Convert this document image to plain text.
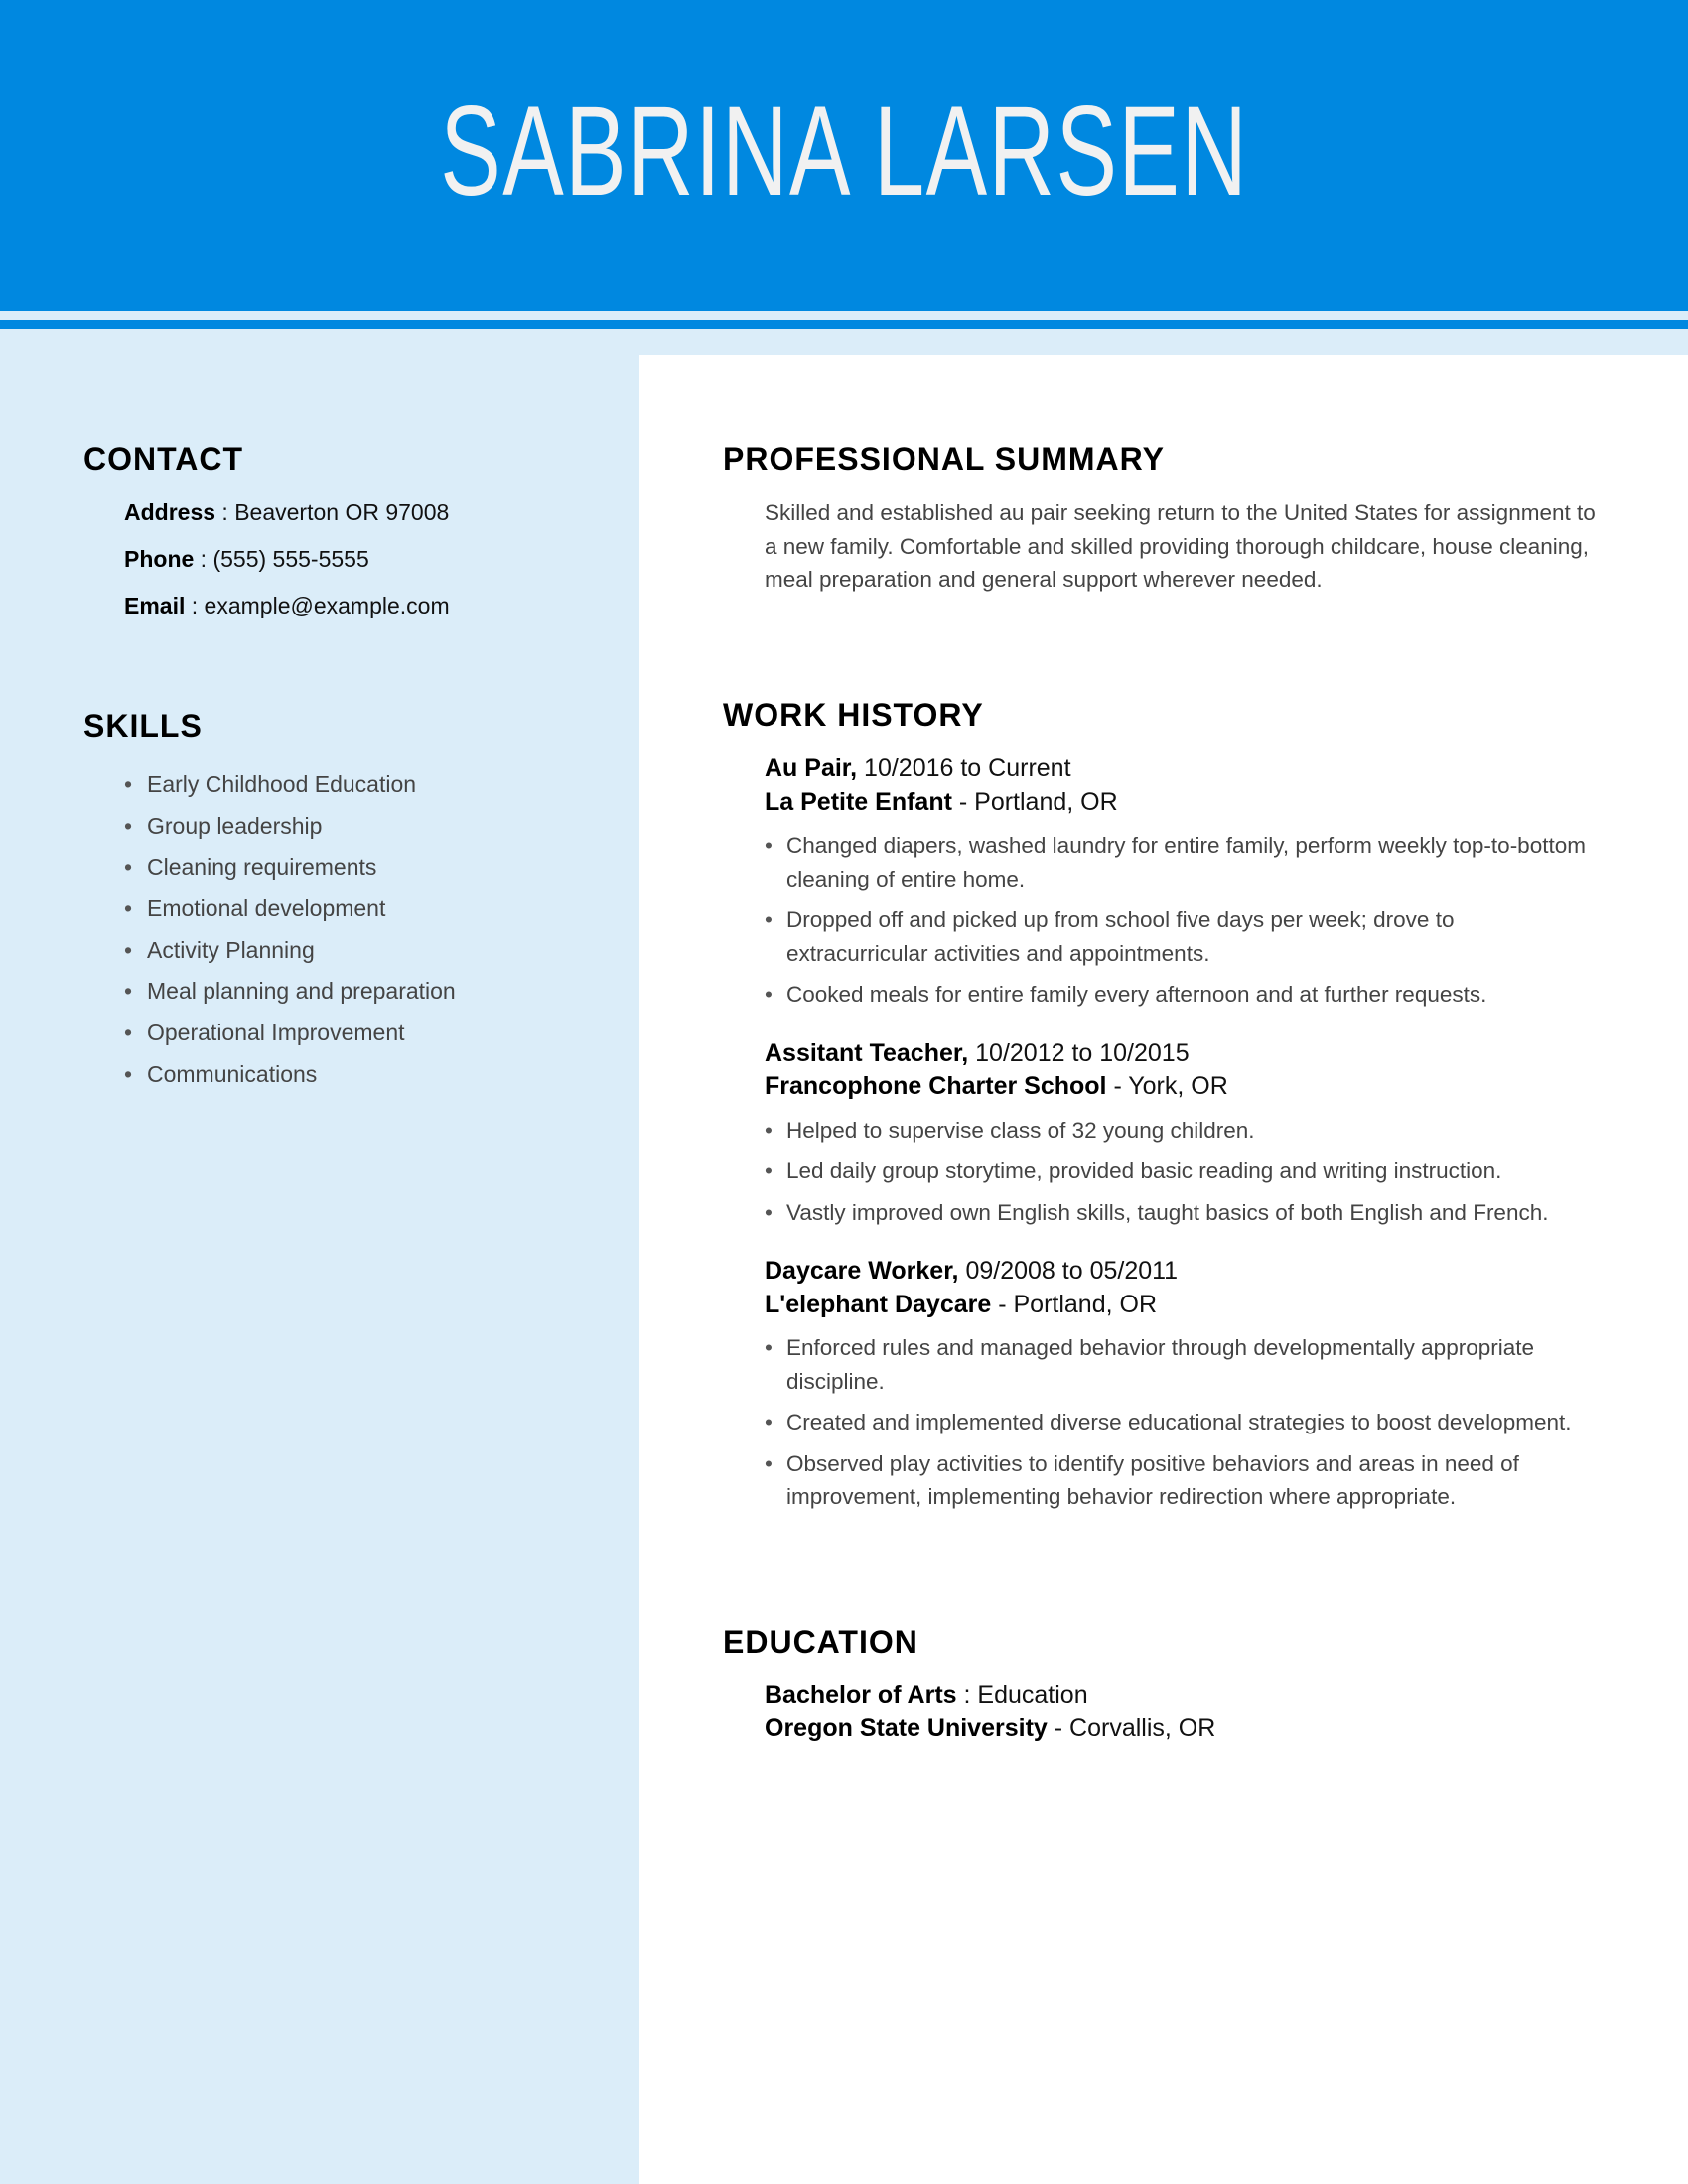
SABRINA LARSEN
CONTACT
Address : Beaverton OR 97008
Phone : (555) 555-5555
Email : example@example.com
SKILLS
• Early Childhood Education
• Group leadership
• Cleaning requirements
• Emotional development
• Activity Planning
• Meal planning and preparation
• Operational Improvement
• Communications
PROFESSIONAL SUMMARY

Skilled and established au pair seeking return to the United States for assignment to a new family. Comfortable and skilled providing thorough childcare, house cleaning, meal preparation and general support wherever needed.

WORK HISTORY
Au Pair, 10/2016 to Current
La Petite Enfant - Portland, OR
• Changed diapers, washed laundry for entire family, perform weekly top-to-bottom cleaning of entire home.
• Dropped off and picked up from school five days per week; drove to extracurricular activities and appointments.
• Cooked meals for entire family every afternoon and at further requests.
Assitant Teacher, 10/2012 to 10/2015
Francophone Charter School - York, OR
• Helped to supervise class of 32 young children.
• Led daily group storytime, provided basic reading and writing instruction.
• Vastly improved own English skills, taught basics of both English and French.
Daycare Worker, 09/2008 to 05/2011
L'elephant Daycare - Portland, OR
• Enforced rules and managed behavior through developmentally appropriate discipline.
• Created and implemented diverse educational strategies to boost development.
• Observed play activities to identify positive behaviors and areas in need of improvement, implementing behavior redirection where appropriate.
EDUCATION
Bachelor of Arts : Education
Oregon State University - Corvallis, OR
